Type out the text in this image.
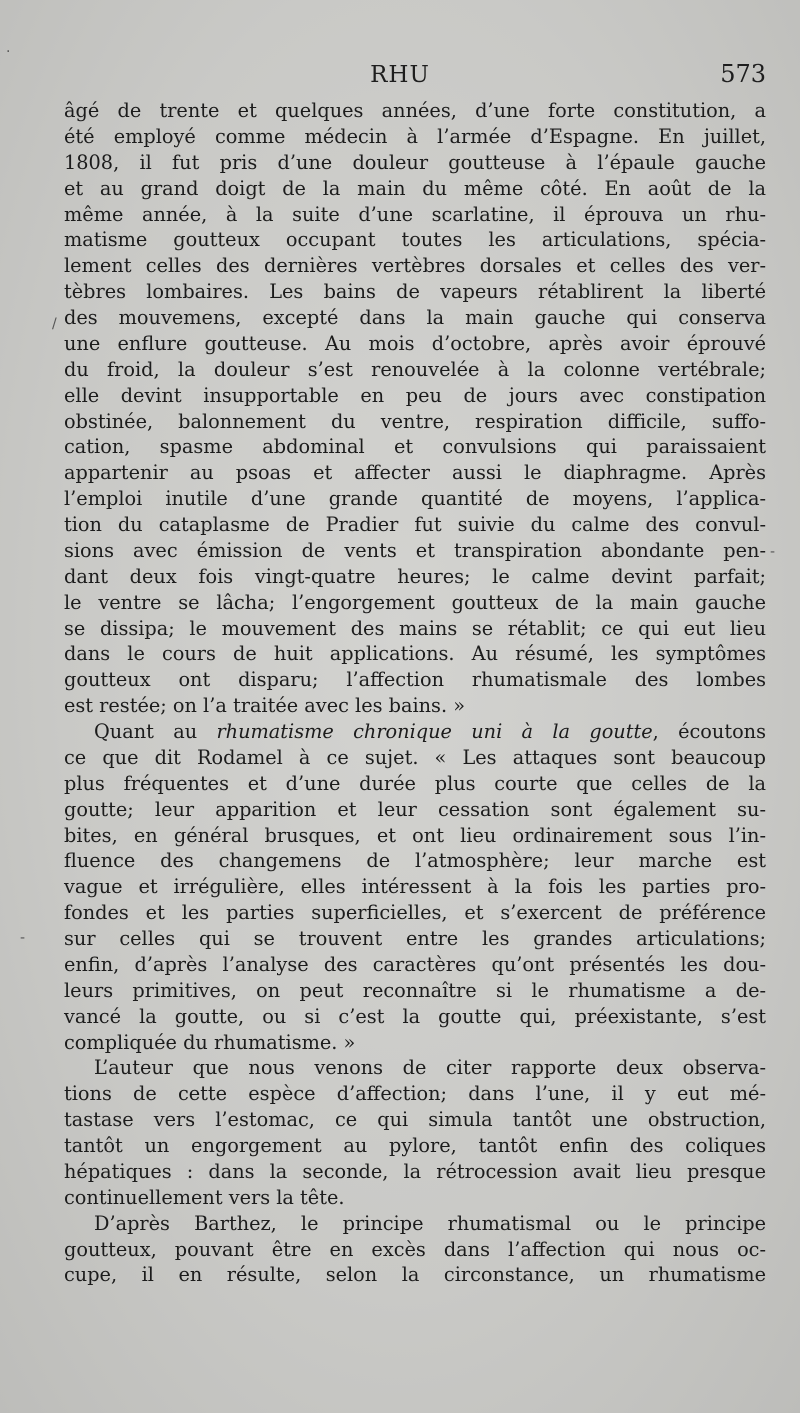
RHU	573
âgé de trente et quelques années, d’une forte constitution, a
été employé comme médecin à l’armée d’Espagne. En juillet,
1808, il fut pris d’une douleur goutteuse à l’épaule gauche
et au grand doigt de la main du même côté. En août de la
même année, à la suite d’une scarlatine, il éprouva un rhu-
matisme goutteux occupant toutes les articulations, spécia-
lement celles des dernières vertèbres dorsales et celles des ver-
tèbres lombaires. Les bains de vapeurs rétablirent la liberté
des mouvemens, excepté dans la main gauche qui conserva
une enflure goutteuse. Au mois d’octobre, après avoir éprouvé
du froid, la douleur s’est renouvelée à la colonne vertébrale;
elle devint insupportable en peu de jours avec constipation
obstinée, balonnement du ventre, respiration difficile, suffo-
cation, spasme abdominal et convulsions qui paraissaient
appartenir au psoas et affecter aussi le diaphragme. Après
l’emploi inutile d’une grande quantité de moyens, l’applica-
tion du cataplasme de Pradier fut suivie du calme des convul-
sions avec émission de vents et transpiration abondante pen-
dant deux fois vingt-quatre heures; le calme devint parfait;
le ventre se lâcha; l’engorgement goutteux de la main gauche
se dissipa; le mouvement des mains se rétablit; ce qui eut lieu
dans le cours de huit applications. Au résumé, les symptômes
goutteux ont disparu; l’affection rhumatismale des lombes
est restée; on l’a traitée avec les bains. »
Quant au rhumatisme chronique uni à la goutte, écoutons
ce que dit Rodamel à ce sujet. « Les attaques sont beaucoup
plus fréquentes et d’une durée plus courte que celles de la
goutte; leur apparition et leur cessation sont également su-
bites, en général brusques, et ont lieu ordinairement sous l’in-
fluence des changemens de l’atmosphère; leur marche est
vague et irrégulière, elles intéressent à la fois les parties pro-
fondes et les parties superficielles, et s’exercent de préférence
sur celles qui se trouvent entre les grandes articulations;
enfin, d’après l’analyse des caractères qu’ont présentés les dou-
leurs primitives, on peut reconnaître si le rhumatisme a de-
vancé la goutte, ou si c’est la goutte qui, préexistante, s’est
compliquée du rhumatisme. »
L’auteur que nous venons de citer rapporte deux observa-
tions de cette espèce d’affection; dans l’une, il y eut mé-
tastase vers l’estomac, ce qui simula tantôt une obstruction,
tantôt un engorgement au pylore, tantôt enfin des coliques
hépatiques : dans la seconde, la rétrocession avait lieu presque
continuellement vers la tête.
D’après Barthez, le principe rhumatismal ou le principe
goutteux, pouvant être en excès dans l’affection qui nous oc-
cupe, il en résulte, selon la circonstance, un rhumatisme
·
/
-
-
